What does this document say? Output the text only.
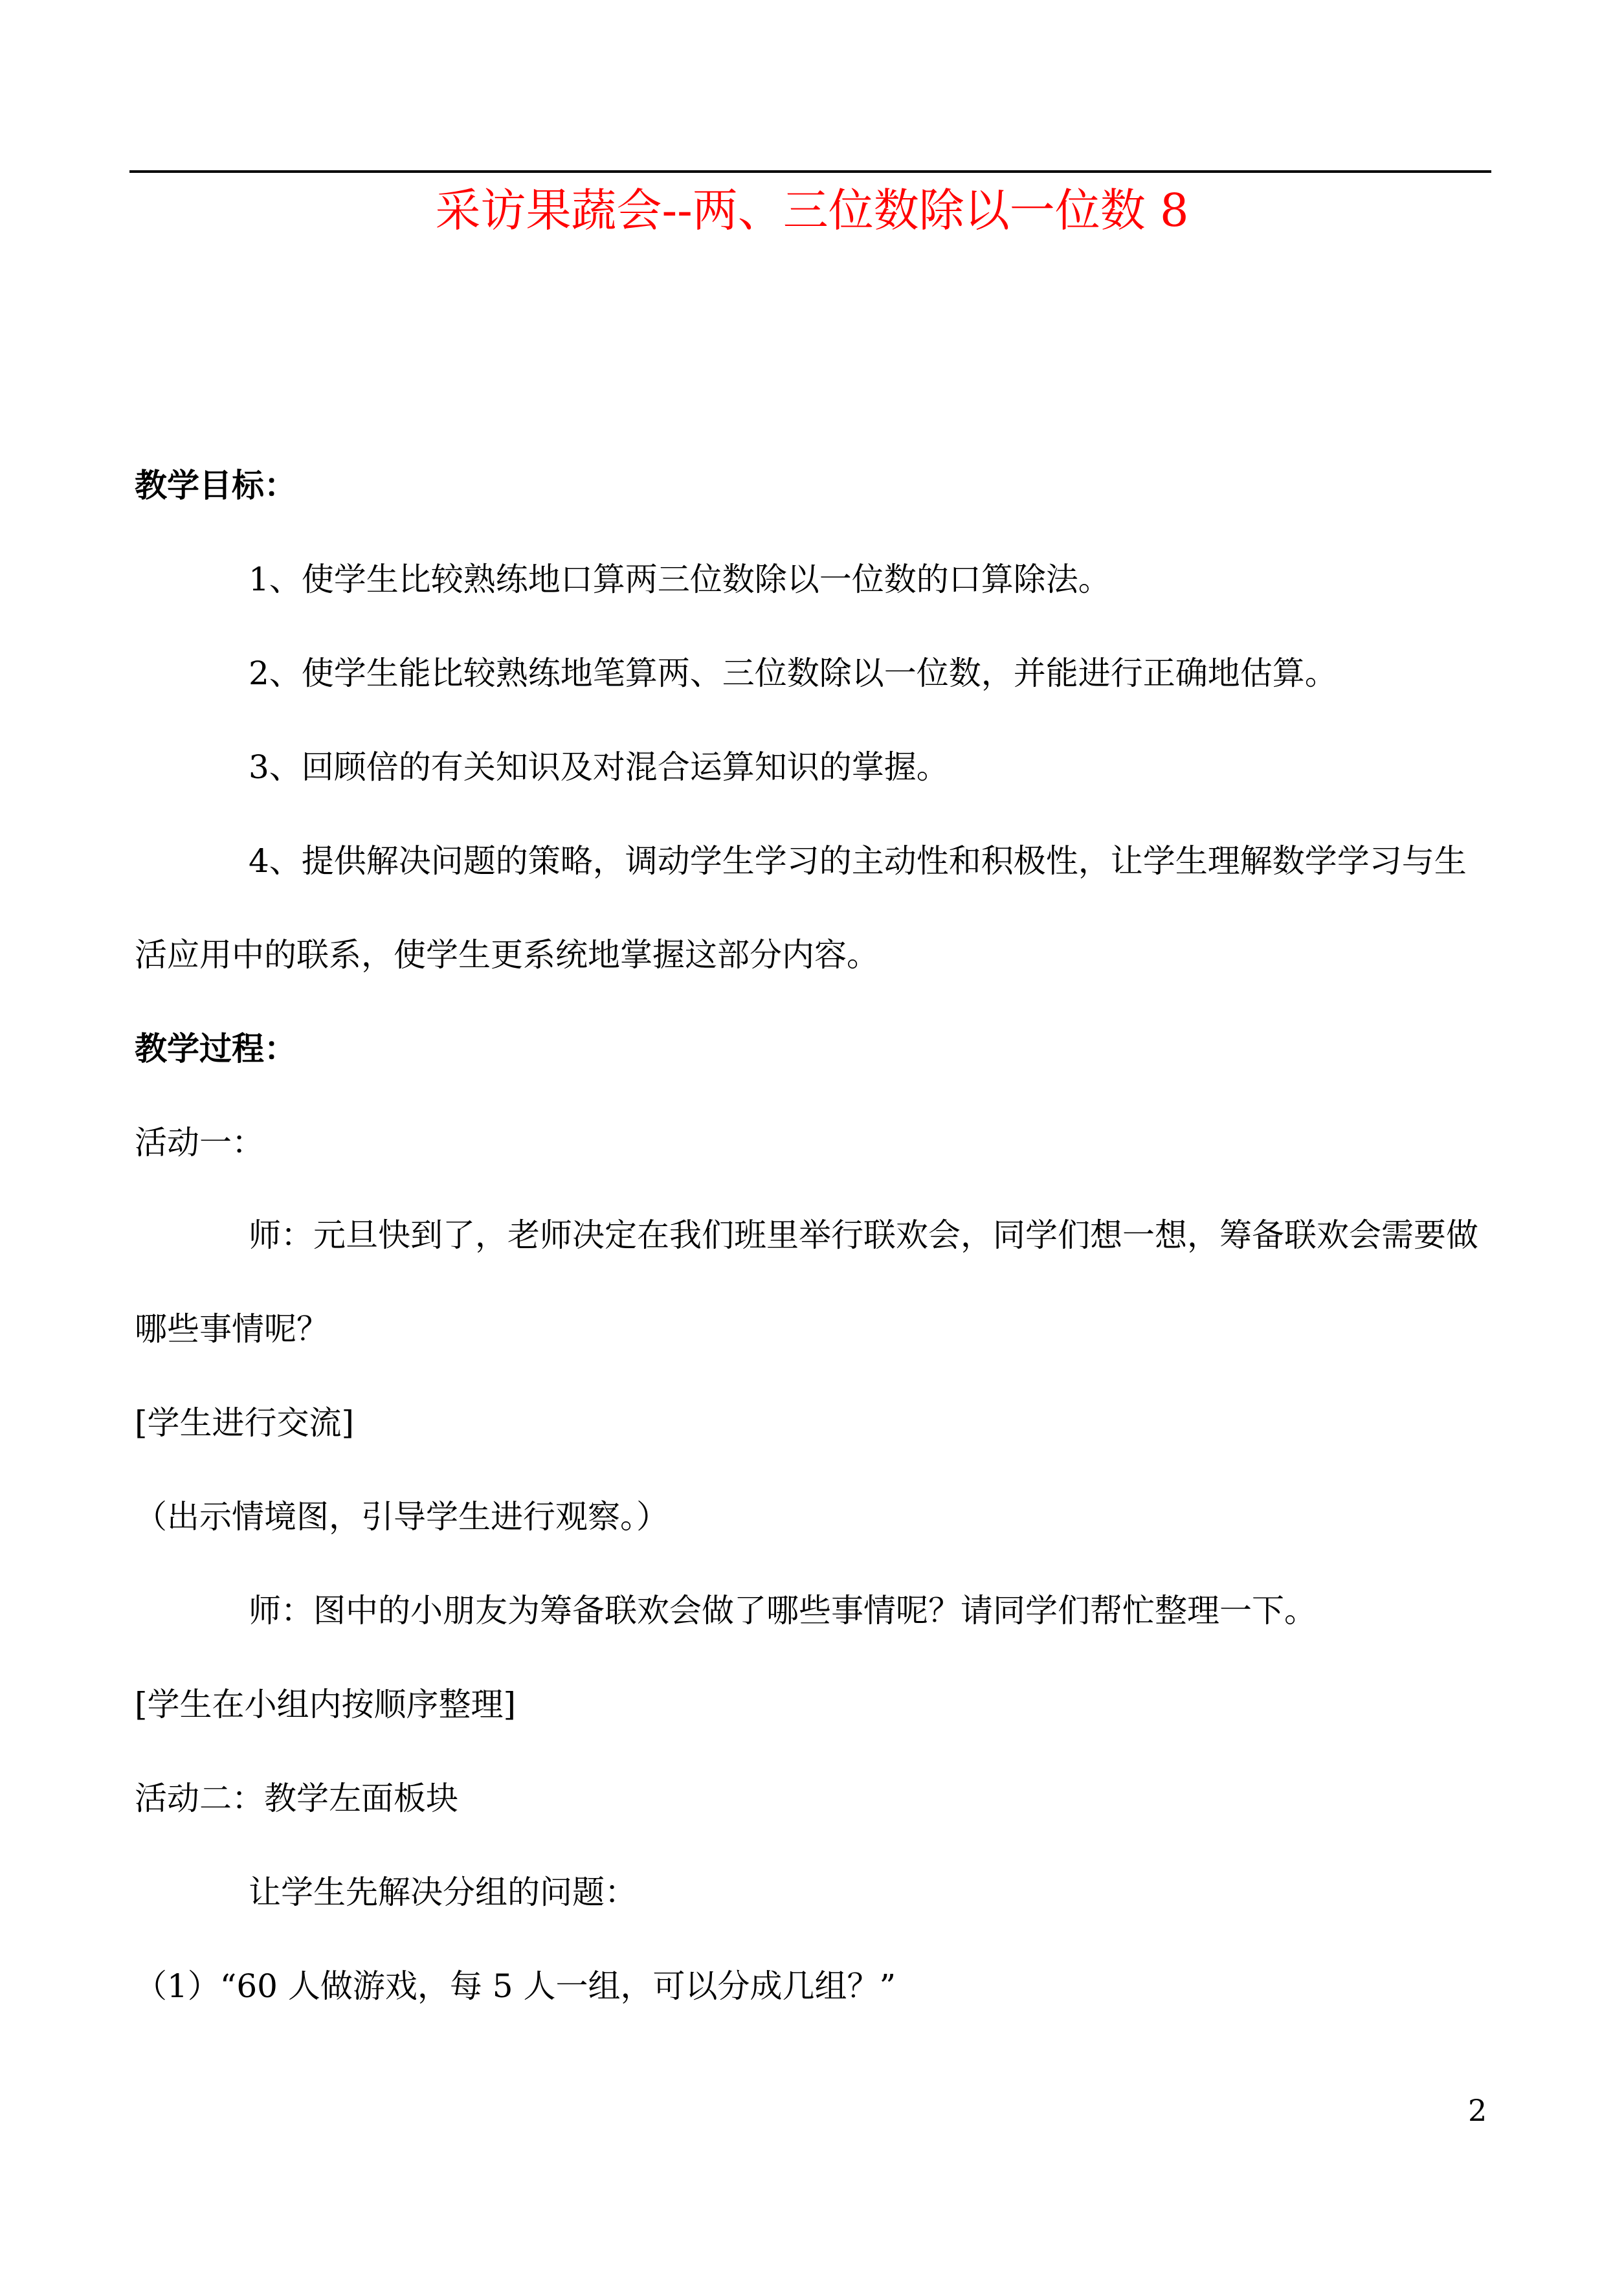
采访果蔬会--两、三位数除以一位数 8
教学目标：
1、使学生比较熟练地口算两三位数除以一位数的口算除法。
2、使学生能比较熟练地笔算两、三位数除以一位数，并能进行正确地估算。
3、回顾倍的有关知识及对混合运算知识的掌握。
4、提供解决问题的策略，调动学生学习的主动性和积极性，让学生理解数学学习与生
活应用中的联系，使学生更系统地掌握这部分内容。
教学过程：
活动一：
师：元旦快到了，老师决定在我们班里举行联欢会，同学们想一想，筹备联欢会需要做
哪些事情呢？
[学生进行交流]
（出示情境图，引导学生进行观察。）
师：图中的小朋友为筹备联欢会做了哪些事情呢？请同学们帮忙整理一下。
[学生在小组内按顺序整理]
活动二：教学左面板块
让学生先解决分组的问题：
（1）“60 人做游戏，每 5 人一组，可以分成几组？”
2
